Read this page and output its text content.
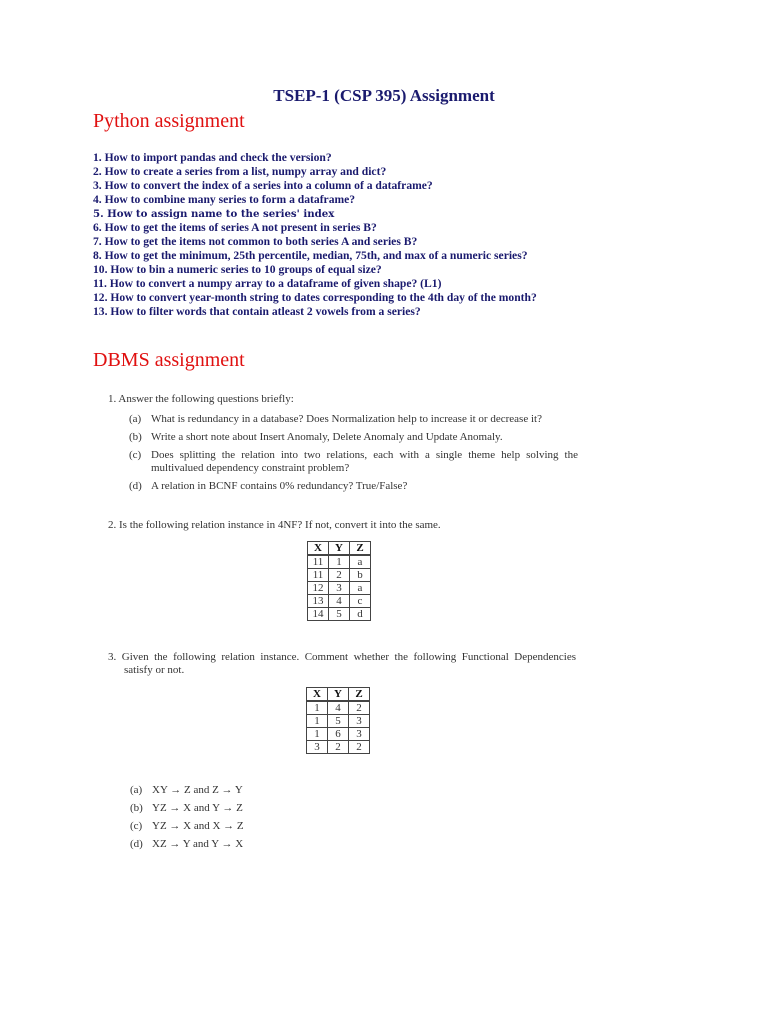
TSEP-1 (CSP 395) Assignment
Python assignment
1. How to import pandas and check the version?
2. How to create a series from a list, numpy array and dict?
3. How to convert the index of a series into a column of a dataframe?
4. How to combine many series to form a dataframe?
5. How to assign name to the series' index
6. How to get the items of series A not present in series B?
7. How to get the items not common to both series A and series B?
8. How to get the minimum, 25th percentile, median, 75th, and max of a numeric series?
10. How to bin a numeric series to 10 groups of equal size?
11. How to convert a numpy array to a dataframe of given shape? (L1)
12. How to convert year-month string to dates corresponding to the 4th day of the month?
13. How to filter words that contain atleast 2 vowels from a series?
DBMS assignment
1. Answer the following questions briefly:
(a) What is redundancy in a database? Does Normalization help to increase it or decrease it?
(b) Write a short note about Insert Anomaly, Delete Anomaly and Update Anomaly.
(c) Does splitting the relation into two relations, each with a single theme help solving the multivalued dependency constraint problem?
(d) A relation in BCNF contains 0% redundancy? True/False?
2. Is the following relation instance in 4NF? If not, convert it into the same.
X	Y	Z
11	1	a
11	2	b
12	3	a
13	4	c
14	5	d
3. Given the following relation instance. Comment whether the following Functional Dependencies satisfy or not.
X	Y	Z
1	4	2
1	5	3
1	6	3
3	2	2
(a) XY → Z and Z → Y
(b) YZ → X and Y → Z
(c) YZ → X and X → Z
(d) XZ → Y and Y → X
